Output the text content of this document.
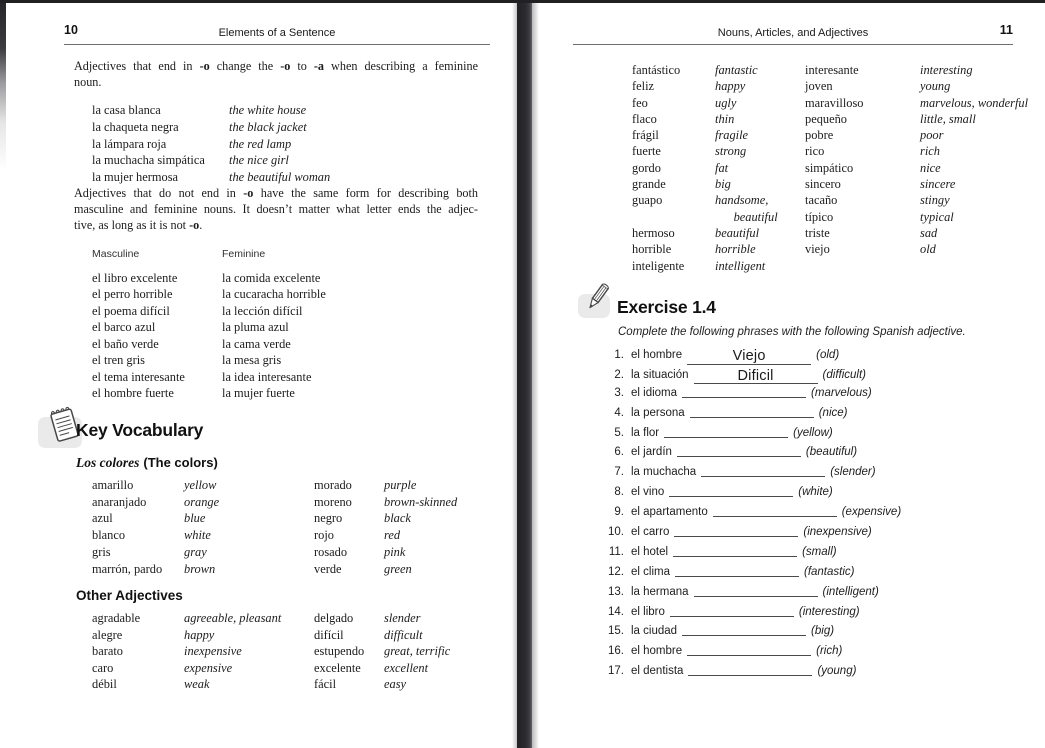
10	Elements of a Sentence
Adjectives that end in -o change the -o to -a when describing a feminine
noun.
la casa blanca	the white house
la chaqueta negra	the black jacket
la lámpara roja	the red lamp
la muchacha simpática the nice girl
la mujer hermosa	the beautiful woman
Adjectives that do not end in -o have the same form for describing both
masculine and feminine nouns. It doesn’t matter what letter ends the adjec-
tive, as long as it is not -o.
Masculine	Feminine
el libro excelente	la comida excelente
el perro horrible	la cucaracha horrible
el poema difícil	la lección difícil
el barco azul	la pluma azul
el baño verde	la cama verde
el tren gris	la mesa gris
el tema interesante	la idea interesante
el hombre fuerte	la mujer fuerte
Key Vocabulary
Los colores (The colors)
amarillo	yellow	morado	purple
anaranjado	orange	moreno	brown-skinned
azul	blue	negro	black
blanco	white	rojo	red
gris	gray	rosado	pink
marrón, pardo brown	verde	green
Other Adjectives
agradable	agreeable, pleasant	delgado slender
alegre	happy	difícil	difficult
barato	inexpensive	estupendo great, terrific
caro	expensive	excelente excellent
débil	weak	fácil	easy
Nouns, Articles, and Adjectives	11
fantástico	fantastic	interesante	interesting
feliz	happy	joven	young
feo	ugly	maravilloso	marvelous, wonderful
flaco	thin	pequeño	little, small
frágil	fragile	pobre	poor
fuerte	strong	rico	rich
gordo	fat	simpático	nice
grande	big	sincero	sincere
guapo	handsome,	tacaño	stingy
  beautiful típico	typical
hermoso	beautiful	triste	sad
horrible	horrible	viejo	old
inteligente intelligent
Exercise 1.4
Complete the following phrases with the following Spanish adjective.
1. el hombre	Viejo	(old)
2. la situación	Dificil	(difficult)
3. el idioma	(marvelous)
4. la persona	(nice)
5. la flor	(yellow)
6. el jardín	(beautiful)
7. la muchacha	(slender)
8. el vino	(white)
9. el apartamento	(expensive)
10. el carro	(inexpensive)
11. el hotel	(small)
12. el clima	(fantastic)
13. la hermana	(intelligent)
14. el libro	(interesting)
15. la ciudad	(big)
16. el hombre	(rich)
17. el dentista	(young)
